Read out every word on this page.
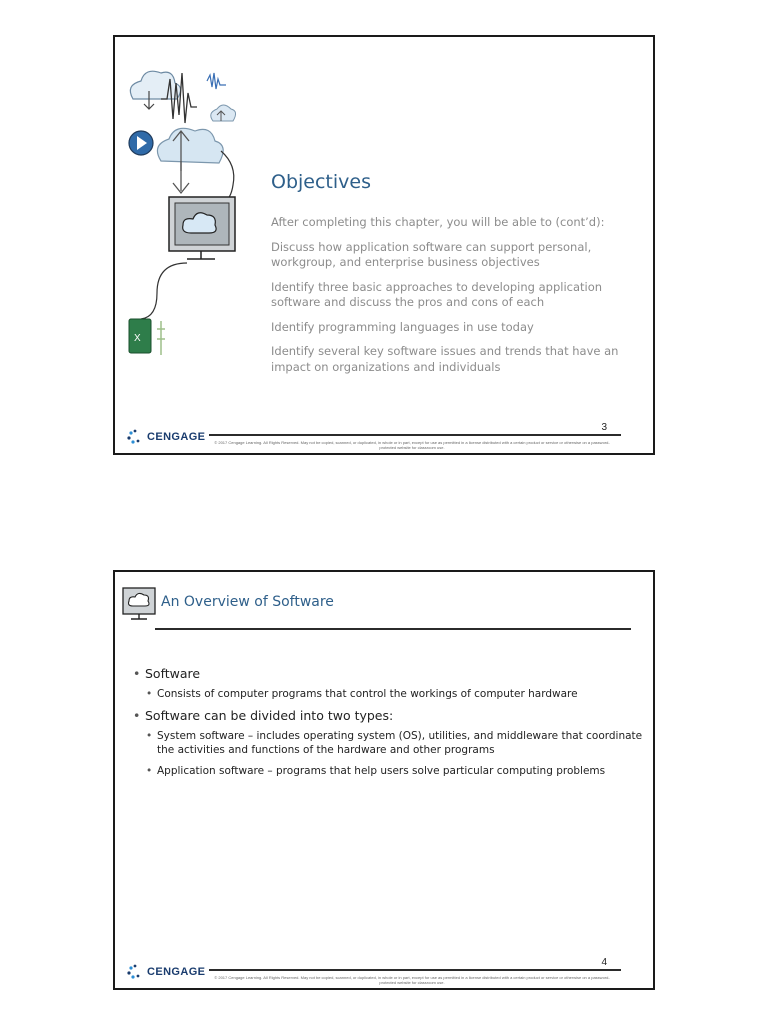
X
Objectives
After completing this chapter, you will be able to (cont’d):
Discuss how application software can support personal, workgroup, and enterprise business objectives
Identify three basic approaches to developing application software and discuss the pros and cons of each
Identify programming languages in use today
Identify several key software issues and trends that have an impact on organizations and individuals
CENGAGE
3
© 2017 Cengage Learning. All Rights Reserved. May not be copied, scanned, or duplicated, in whole or in part, except for use as permitted in a license distributed with a certain product or service or otherwise on a password-protected website for classroom use.
An Overview of Software

• Software

• Consists of computer programs that control the workings of computer hardware

• Software can be divided into two types:

• System software – includes operating system (OS), utilities, and middleware that coordinate the activities and functions of the hardware and other programs

• Application software – programs that help users solve particular computing problems

CENGAGE
4
© 2017 Cengage Learning. All Rights Reserved. May not be copied, scanned, or duplicated, in whole or in part, except for use as permitted in a license distributed with a certain product or service or otherwise on a password-protected website for classroom use.
